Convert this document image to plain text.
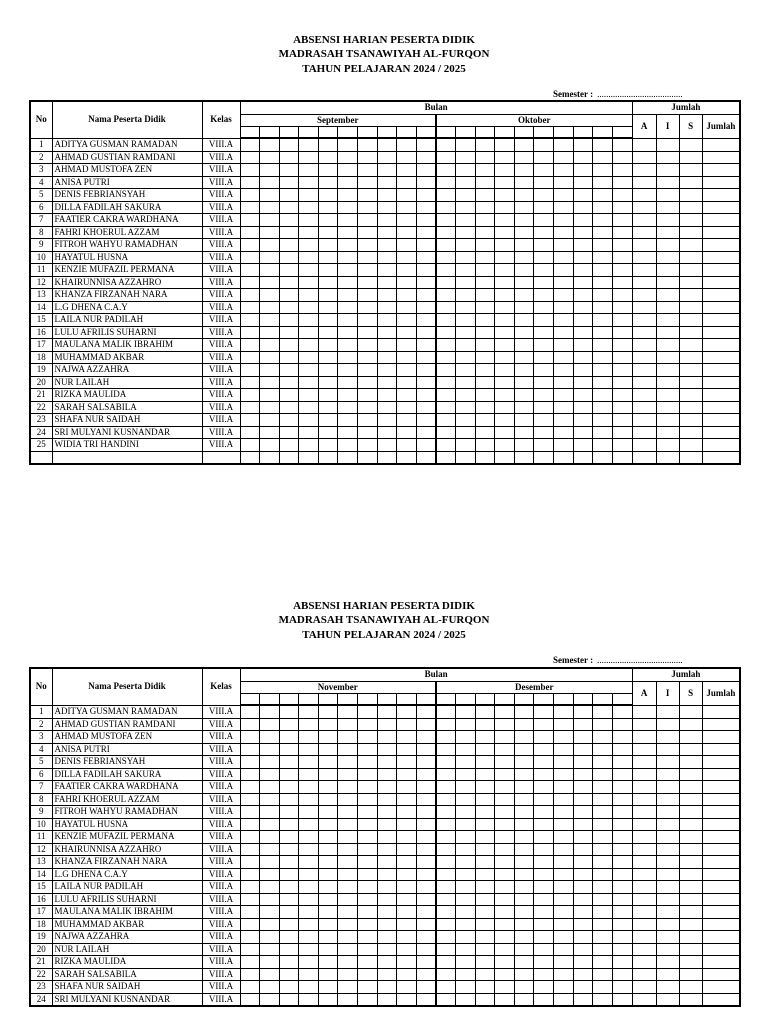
ABSENSI HARIAN PESERTA DIDIK
MADRASAH TSANAWIYAH AL-FURQON
TAHUN PELAJARAN 2024 / 2025
Semester : ......................................
No	Nama Peserta Didik	Kelas	Bulan																				Jumlah			
			September										Oktober										A	I	S	Jumlah

1	ADITYA GUSMAN RAMADAN	VIII.A																								
2	AHMAD GUSTIAN RAMDANI	VIII.A																								
3	AHMAD MUSTOFA ZEN	VIII.A																								
4	ANISA PUTRI	VIII.A																								
5	DENIS FEBRIANSYAH	VIII.A																								
6	DILLA FADILAH SAKURA	VIII.A																								
7	FAATIER CAKRA WARDHANA	VIII.A																								
8	FAHRI KHOERUL AZZAM	VIII.A																								
9	FITROH WAHYU RAMADHAN	VIII.A																								
10	HAYATUL HUSNA	VIII.A																								
11	KENZIE MUFAZIL PERMANA	VIII.A																								
12	KHAIRUNNISA AZZAHRO	VIII.A																								
13	KHANZA FIRZANAH NARA	VIII.A																								
14	L.G DHENA C.A.Y	VIII.A																								
15	LAILA NUR PADILAH	VIII.A																								
16	LULU AFRILIS SUHARNI	VIII.A																								
17	MAULANA MALIK IBRAHIM	VIII.A																								
18	MUHAMMAD AKBAR	VIII.A																								
19	NAJWA AZZAHRA	VIII.A																								
20	NUR LAILAH	VIII.A																								
21	RIZKA MAULIDA	VIII.A																								
22	SARAH SALSABILA	VIII.A																								
23	SHAFA NUR SAIDAH	VIII.A																								
24	SRI MULYANI KUSNANDAR	VIII.A																								
25	WIDIA TRI HANDINI	VIII.A																								

ABSENSI HARIAN PESERTA DIDIK
MADRASAH TSANAWIYAH AL-FURQON
TAHUN PELAJARAN 2024 / 2025
Semester : ......................................
No	Nama Peserta Didik	Kelas	Bulan																				Jumlah			
			November										Desember										A	I	S	Jumlah

1	ADITYA GUSMAN RAMADAN	VIII.A																								
2	AHMAD GUSTIAN RAMDANI	VIII.A																								
3	AHMAD MUSTOFA ZEN	VIII.A																								
4	ANISA PUTRI	VIII.A																								
5	DENIS FEBRIANSYAH	VIII.A																								
6	DILLA FADILAH SAKURA	VIII.A																								
7	FAATIER CAKRA WARDHANA	VIII.A																								
8	FAHRI KHOERUL AZZAM	VIII.A																								
9	FITROH WAHYU RAMADHAN	VIII.A																								
10	HAYATUL HUSNA	VIII.A																								
11	KENZIE MUFAZIL PERMANA	VIII.A																								
12	KHAIRUNNISA AZZAHRO	VIII.A																								
13	KHANZA FIRZANAH NARA	VIII.A																								
14	L.G DHENA C.A.Y	VIII.A																								
15	LAILA NUR PADILAH	VIII.A																								
16	LULU AFRILIS SUHARNI	VIII.A																								
17	MAULANA MALIK IBRAHIM	VIII.A																								
18	MUHAMMAD AKBAR	VIII.A																								
19	NAJWA AZZAHRA	VIII.A																								
20	NUR LAILAH	VIII.A																								
21	RIZKA MAULIDA	VIII.A																								
22	SARAH SALSABILA	VIII.A																								
23	SHAFA NUR SAIDAH	VIII.A																								
24	SRI MULYANI KUSNANDAR	VIII.A																								
